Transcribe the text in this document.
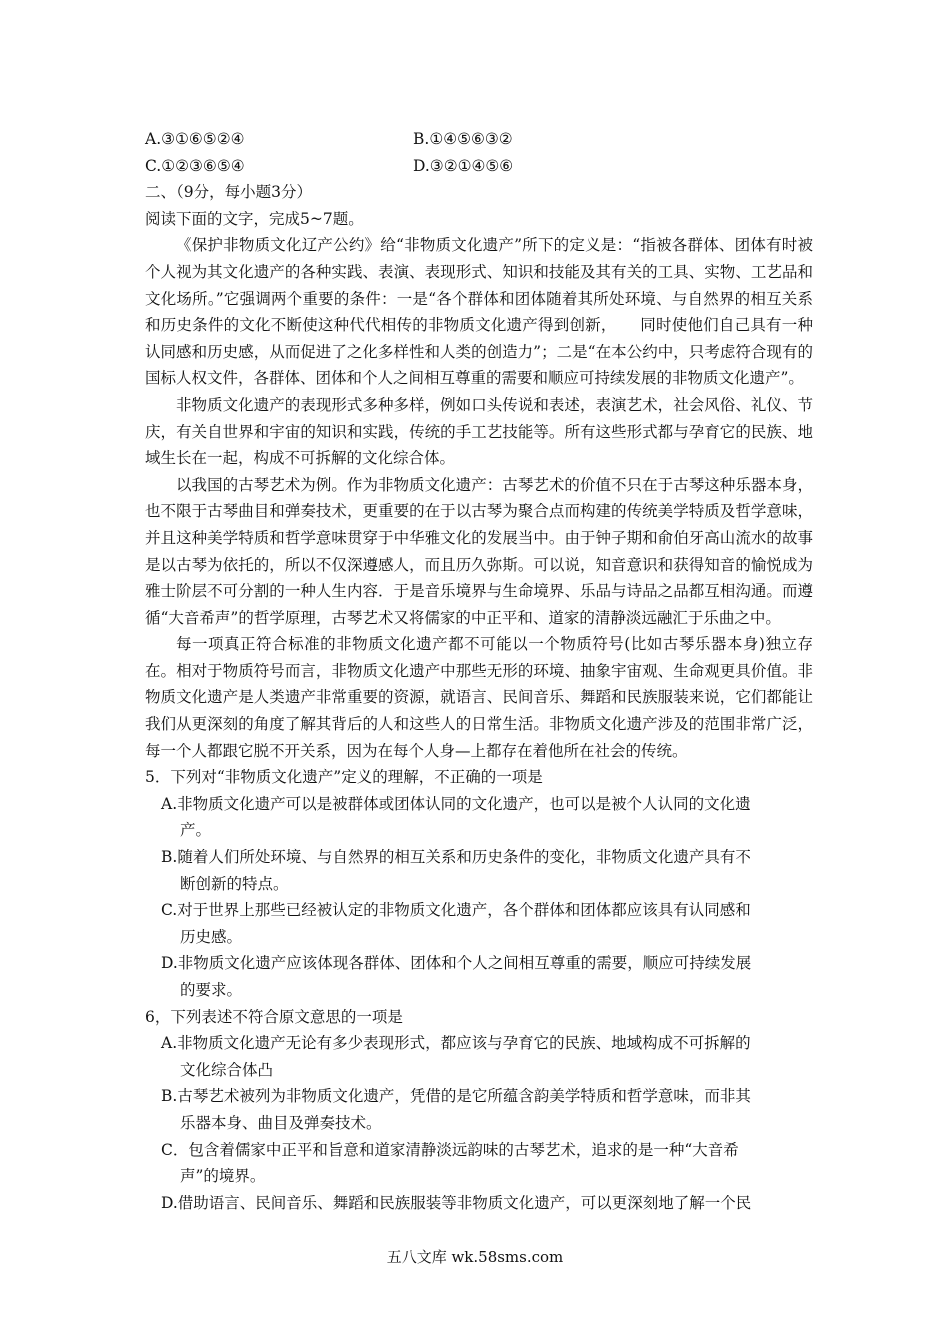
A.③①⑥⑤②④	B.①④⑤⑥③②
C.①②③⑥⑤④	D.③②①④⑤⑥
二、（9分，每小题3分）
阅读下面的文字，完成5~7题。

《保护非物质文化辽产公约》给“非物质文化遗产”所下的定义是：“指被各群体、团体有时被个人视为其文化遗产的各种实践、表演、表现形式、知识和技能及其有关的工具、实物、工艺品和文化场所。”它强调两个重要的条件：一是“各个群体和团体随着其所处环境、与自然界的相互关系和历史条件的文化不断使这种代代相传的非物质文化遗产得到创新，　　同时使他们自己具有一种认同感和历史感，从而促进了之化多样性和人类的创造力”；二是“在本公约中，只考虑符合现有的国标人权文件，各群体、团体和个人之间相互尊重的需要和顺应可持续发展的非物质文化遗产”。

非物质文化遗产的表现形式多种多样，例如口头传说和表述，表演艺术，社会风俗、礼仪、节庆，有关自世界和宇宙的知识和实践，传统的手工艺技能等。所有这些形式都与孕育它的民族、地域生长在一起，构成不可拆解的文化综合体。

以我国的古琴艺术为例。作为非物质文化遗产：古琴艺术的价值不只在于古琴这种乐器本身，也不限于古琴曲目和弹奏技术，更重要的在于以古琴为聚合点而构建的传统美学特质及哲学意味，并且这种美学特质和哲学意味贯穿于中华雅文化的发展当中。由于钟子期和俞伯牙高山流水的故事是以古琴为依托的，所以不仅深遵感人，而且历久弥斯。可以说，知音意识和获得知音的愉悦成为雅士阶层不可分割的一种人生内容．于是音乐境界与生命境界、乐品与诗品之品都互相沟通。而遵循“大音希声”的哲学原理，古琴艺术又将儒家的中正平和、道家的清静淡远融汇于乐曲之中。

每一项真正符合标准的非物质文化遗产都不可能以一个物质符号(比如古琴乐器本身)独立存在。相对于物质符号而言，非物质文化遗产中那些无形的环境、抽象宇宙观、生命观更具价值。非物质文化遗产是人类遗产非常重要的资源，就语言、民间音乐、舞蹈和民族服装来说，它们都能让我们从更深刻的角度了解其背后的人和这些人的日常生活。非物质文化遗产涉及的范围非常广泛，每一个人都跟它脱不开关系，因为在每个人身—上都存在着他所在社会的传统。

5．下列对“非物质文化遗产”定义的理解，不正确的一项是
A.非物质文化遗产可以是被群体或团体认同的文化遗产，也可以是被个人认同的文化遗
产。
B.随着人们所处环境、与自然界的相互关系和历史条件的变化，非物质文化遗产具有不
断创新的特点。
C.对于世界上那些已经被认定的非物质文化遗产，各个群体和团体都应该具有认同感和
历史感。
D.非物质文化遗产应该体现各群体、团体和个人之间相互尊重的需要，顺应可持续发展
的要求。
6，下列表述不符合原文意思的一项是
A.非物质文化遗产无论有多少表现形式，都应该与孕育它的民族、地域构成不可拆解的
文化综合体凸
B.古琴艺术被列为非物质文化遗产，凭借的是它所蕴含韵美学特质和哲学意味，而非其
乐器本身、曲目及弹奏技术。
C．包含着儒家中正平和旨意和道家清静淡远韵味的古琴艺术，追求的是一种“大音希
声”的境界。
D.借助语言、民间音乐、舞蹈和民族服装等非物质文化遗产，可以更深刻地了解一个民
五八文库 wk.58sms.com
